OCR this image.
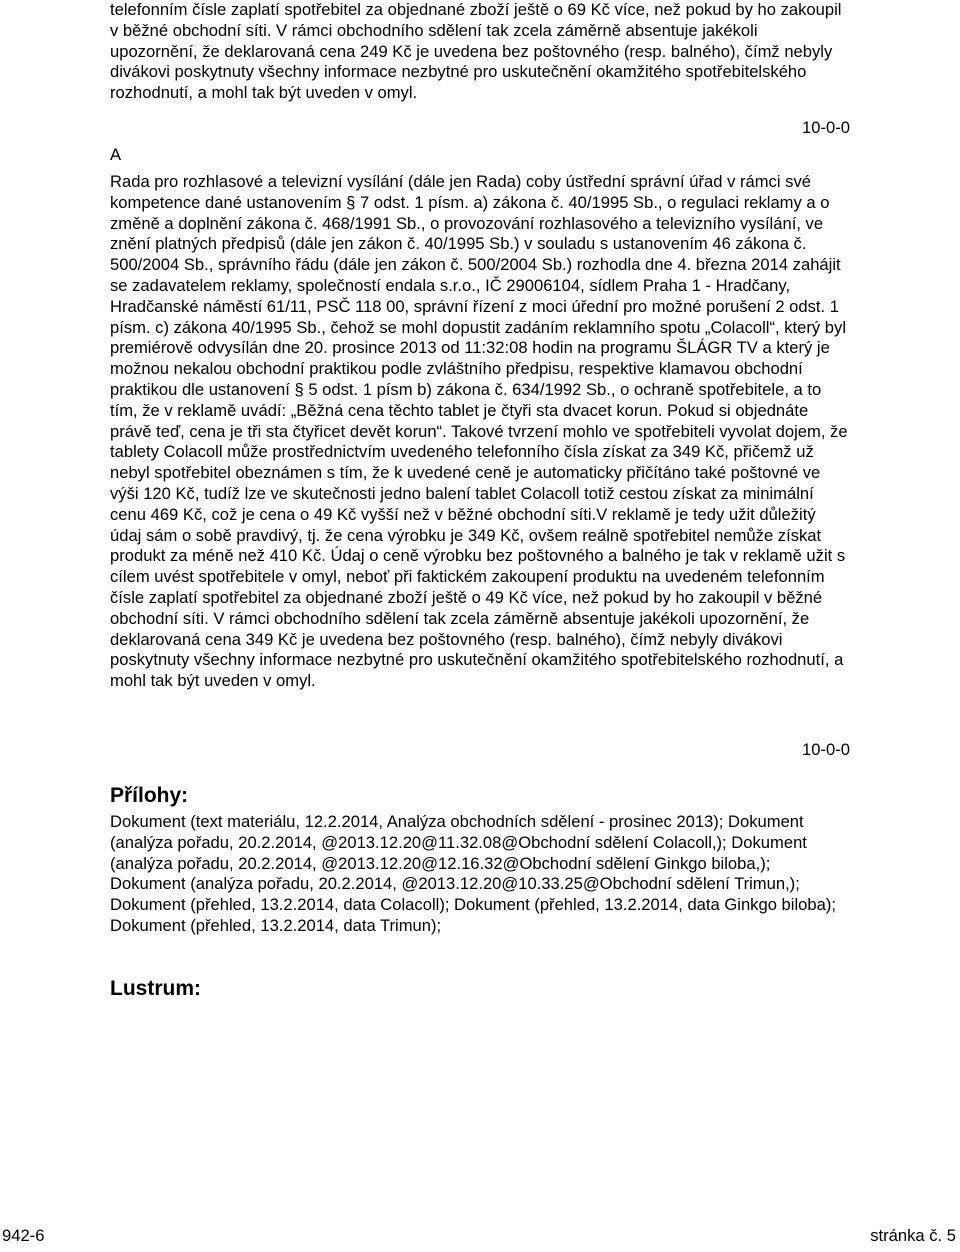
telefonním čísle zaplatí spotřebitel za objednané zboží ještě o 69 Kč více, než pokud by ho zakoupil v běžné obchodní síti. V rámci obchodního sdělení tak zcela záměrně absentuje jakékoli upozornění, že deklarovaná cena 249 Kč je uvedena bez poštovného (resp. balného), čímž nebyly divákovi poskytnuty všechny informace nezbytné pro uskutečnění okamžitého spotřebitelského rozhodnutí, a mohl tak být uveden v omyl.

10-0-0
A

Rada pro rozhlasové a televizní vysílání (dále jen Rada) coby ústřední správní úřad v rámci své kompetence dané ustanovením § 7 odst. 1 písm. a) zákona č. 40/1995 Sb., o regulaci reklamy a o změně a doplnění zákona č. 468/1991 Sb., o provozování rozhlasového a televizního vysílání, ve znění platných předpisů (dále jen zákon č. 40/1995 Sb.) v souladu s ustanovením 46 zákona č. 500/2004 Sb., správního řádu (dále jen zákon č. 500/2004 Sb.) rozhodla dne 4. března 2014 zahájit se zadavatelem reklamy, společností endala s.r.o., IČ 29006104, sídlem Praha 1 - Hradčany, Hradčanské náměstí 61/11, PSČ 118 00, správní řízení z moci úřední pro možné porušení 2 odst. 1 písm. c) zákona 40/1995 Sb., čehož se mohl dopustit zadáním reklamního spotu „Colacoll“, který byl premiérově odvysílán dne 20. prosince 2013 od 11:32:08 hodin na programu ŠLÁGR TV a který je možnou nekalou obchodní praktikou podle zvláštního předpisu, respektive klamavou obchodní praktikou dle ustanovení § 5 odst. 1 písm b) zákona č. 634/1992 Sb., o ochraně spotřebitele, a to tím, že v reklamě uvádí: „Běžná cena těchto tablet je čtyři sta dvacet korun. Pokud si objednáte právě teď, cena je tři sta čtyřicet devět korun“. Takové tvrzení mohlo ve spotřebiteli vyvolat dojem, že tablety Colacoll může prostřednictvím uvedeného telefonního čísla získat za 349 Kč, přičemž už nebyl spotřebitel obeznámen s tím, že k uvedené ceně je automaticky přičítáno také poštovné ve výši 120 Kč, tudíž lze ve skutečnosti jedno balení tablet Colacoll totiž cestou získat za minimální cenu 469 Kč, což je cena o 49 Kč vyšší než v běžné obchodní síti.V reklamě je tedy užit důležitý údaj sám o sobě pravdivý, tj. že cena výrobku je 349 Kč, ovšem reálně spotřebitel nemůže získat produkt za méně než 410 Kč. Údaj o ceně výrobku bez poštovného a balného je tak v reklamě užit s cílem uvést spotřebitele v omyl, neboť při faktickém zakoupení produktu na uvedeném telefonním čísle zaplatí spotřebitel za objednané zboží ještě o 49 Kč více, než pokud by ho zakoupil v běžné obchodní síti. V rámci obchodního sdělení tak zcela záměrně absentuje jakékoli upozornění, že deklarovaná cena 349 Kč je uvedena bez poštovného (resp. balného), čímž nebyly divákovi poskytnuty všechny informace nezbytné pro uskutečnění okamžitého spotřebitelského rozhodnutí, a mohl tak být uveden v omyl.

10-0-0
Přílohy:

Dokument (text materiálu, 12.2.2014, Analýza obchodních sdělení - prosinec 2013); Dokument (analýza pořadu, 20.2.2014, @2013.12.20@11.32.08@Obchodní sdělení Colacoll,); Dokument (analýza pořadu, 20.2.2014, @2013.12.20@12.16.32@Obchodní sdělení Ginkgo biloba,); Dokument (analýza pořadu, 20.2.2014, @2013.12.20@10.33.25@Obchodní sdělení Trimun,); Dokument (přehled, 13.2.2014, data Colacoll); Dokument (přehled, 13.2.2014, data Ginkgo biloba); Dokument (přehled, 13.2.2014, data Trimun);

Lustrum:
942-6	stránka č. 5
